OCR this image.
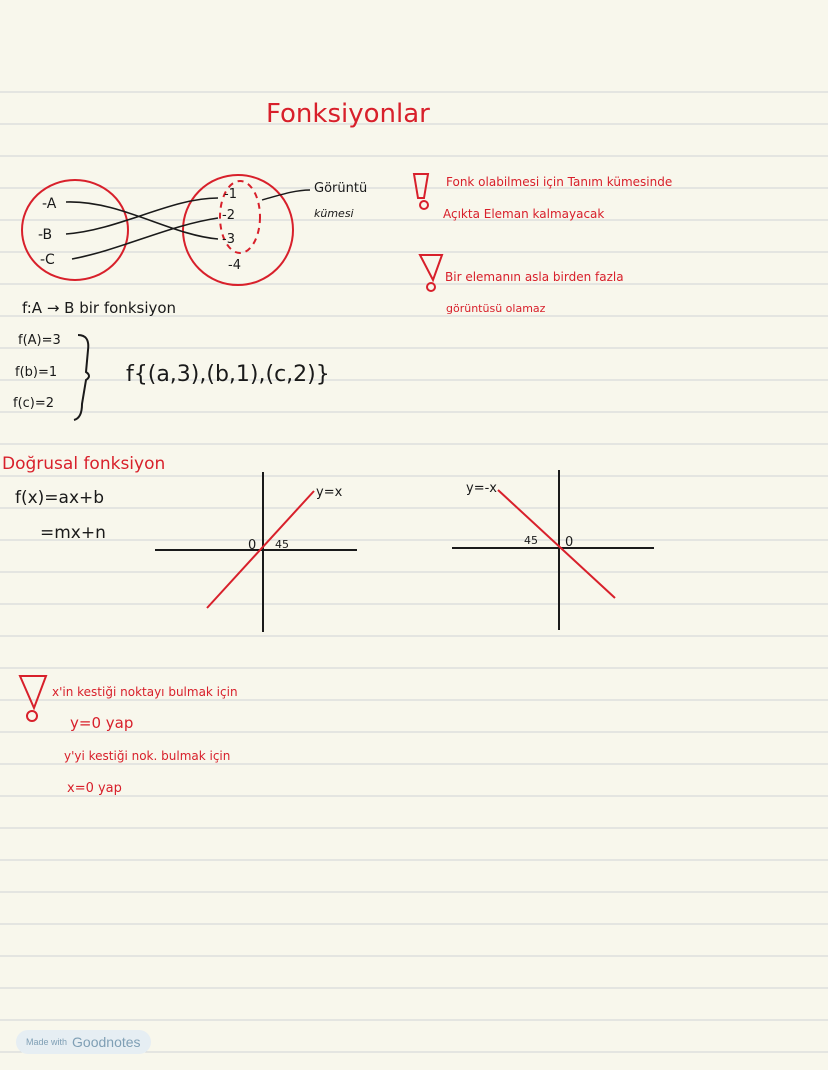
Fonksiyonlar
-A
-B
-C
-1
-2
-3
-4
Görüntü
kümesi
Fonk olabilmesi için Tanım kümesinde
Açıkta Eleman kalmayacak
Bir elemanın asla birden fazla
görüntüsü olamaz
f:A → B bir fonksiyon
f(A)=3
f(b)=1
f(c)=2
f{(a,3),(b,1),(c,2)}
Doğrusal fonksiyon
f(x)=ax+b
=mx+n
y=x
0 45
y=-x
0
45
x'in kestiği noktayı bulmak için
y=0 yap
y'yi kestiği nok. bulmak için
x=0 yap
Made with Goodnotes
